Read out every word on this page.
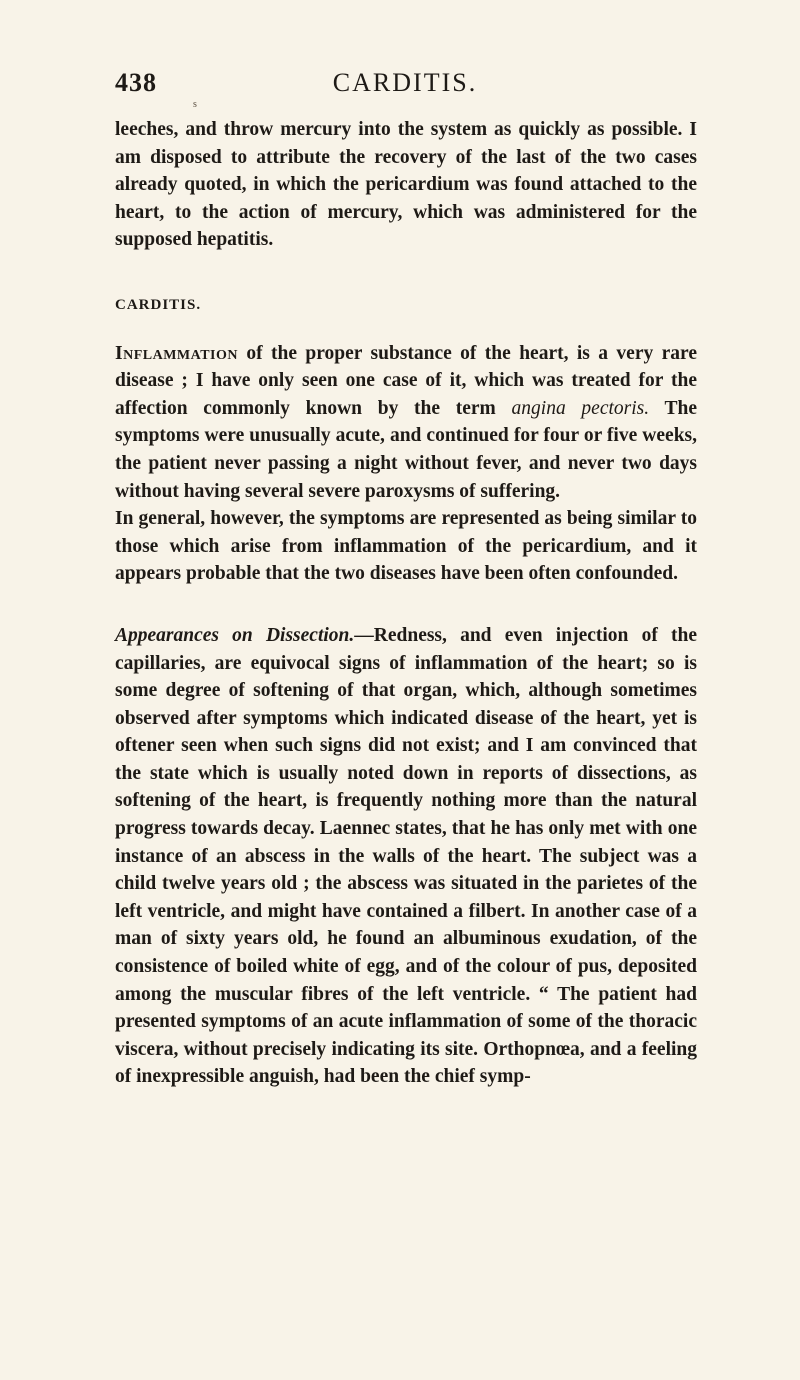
438	CARDITIS.
s

leeches, and throw mercury into the system as quickly as possible. I am disposed to attribute the recovery of the last of the two cases already quoted, in which the pericardium was found attached to the heart, to the action of mercury, which was administered for the supposed hepatitis.

CARDITIS.

Inflammation of the proper substance of the heart, is a very rare disease ; I have only seen one case of it, which was treated for the affection commonly known by the term angina pectoris. The symptoms were unusually acute, and continued for four or five weeks, the patient never passing a night without fever, and never two days without having several severe paroxysms of suffering.

In general, however, the symptoms are represented as being similar to those which arise from inflammation of the pericardium, and it appears probable that the two diseases have been often confounded.

Appearances on Dissection.—Redness, and even injection of the capillaries, are equivocal signs of inflammation of the heart; so is some degree of softening of that organ, which, although sometimes observed after symptoms which indicated disease of the heart, yet is oftener seen when such signs did not exist; and I am convinced that the state which is usually noted down in reports of dissections, as softening of the heart, is frequently nothing more than the natural progress towards decay. Laennec states, that he has only met with one instance of an abscess in the walls of the heart. The subject was a child twelve years old ; the abscess was situated in the parietes of the left ventricle, and might have contained a filbert. In another case of a man of sixty years old, he found an albuminous exudation, of the consistence of boiled white of egg, and of the colour of pus, deposited among the muscular fibres of the left ventricle. “ The patient had presented symptoms of an acute inflammation of some of the thoracic viscera, without precisely indicating its site. Orthopnœa, and a feeling of inexpressible anguish, had been the chief symp-
